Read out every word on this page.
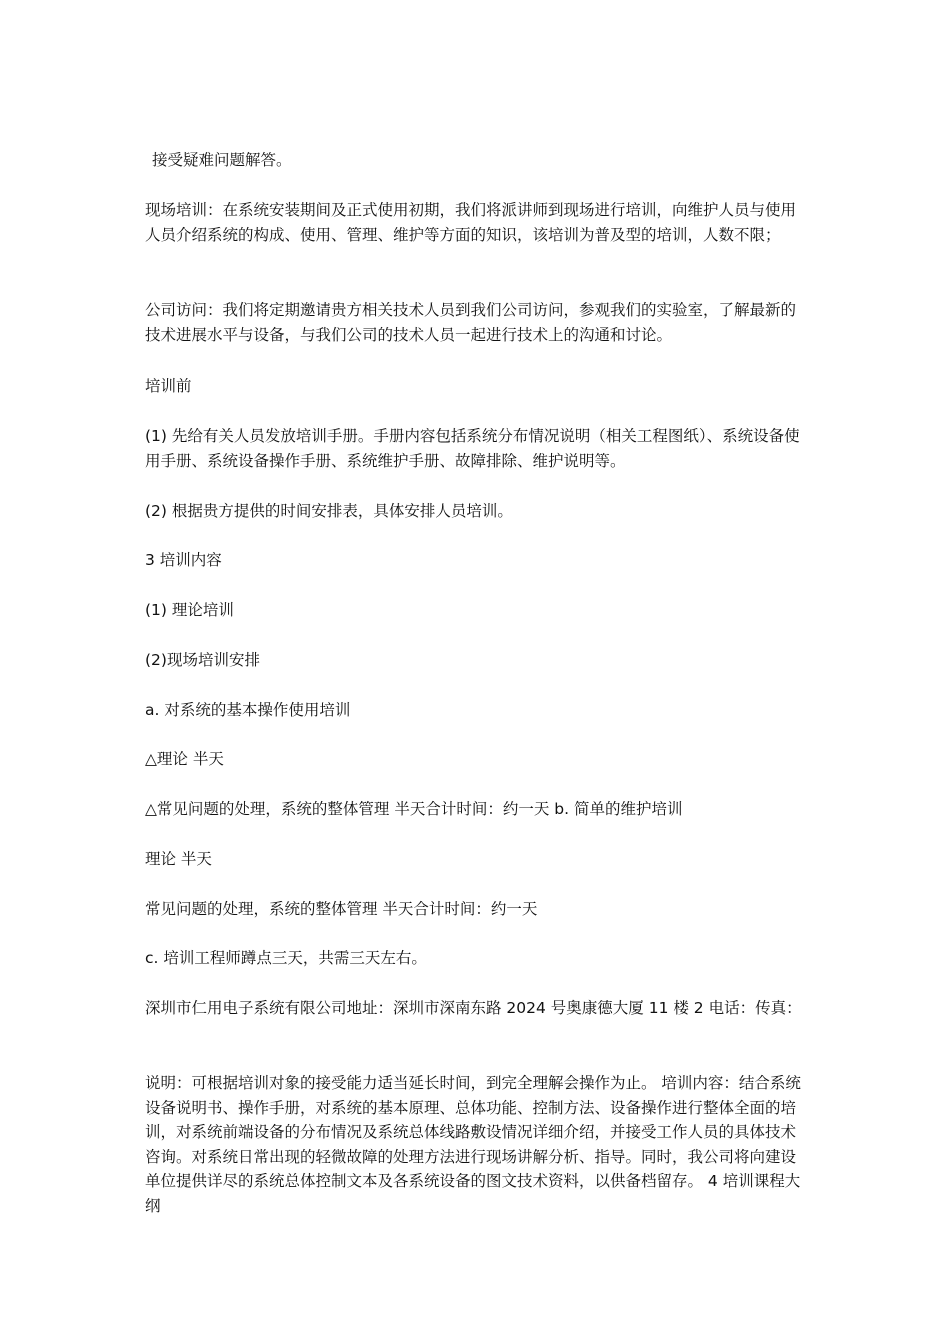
接受疑难问题解答。

现场培训：在系统安装期间及正式使用初期，我们将派讲师到现场进行培训，向维护人员与使用人员介绍系统的构成、使用、管理、维护等方面的知识，该培训为普及型的培训，人数不限；

公司访问：我们将定期邀请贵方相关技术人员到我们公司访问，参观我们的实验室，了解最新的技术进展水平与设备，与我们公司的技术人员一起进行技术上的沟通和讨论。

培训前

(1) 先给有关人员发放培训手册。手册内容包括系统分布情况说明（相关工程图纸）、系统设备使用手册、系统设备操作手册、系统维护手册、故障排除、维护说明等。

(2) 根据贵方提供的时间安排表，具体安排人员培训。

3 培训内容

(1) 理论培训

(2)现场培训安排

a. 对系统的基本操作使用培训

△理论 半天

△常见问题的处理，系统的整体管理 半天合计时间：约一天 b. 简单的维护培训

理论 半天

常见问题的处理，系统的整体管理 半天合计时间：约一天

c. 培训工程师蹲点三天，共需三天左右。

深圳市仁用电子系统有限公司地址：深圳市深南东路 2024 号奥康德大厦 11 楼 2 电话：传真：

说明：可根据培训对象的接受能力适当延长时间，到完全理解会操作为止。 培训内容：结合系统设备说明书、操作手册，对系统的基本原理、总体功能、控制方法、设备操作进行整体全面的培训，对系统前端设备的分布情况及系统总体线路敷设情况详细介绍，并接受工作人员的具体技术咨询。对系统日常出现的轻微故障的处理方法进行现场讲解分析、指导。同时，我公司将向建设单位提供详尽的系统总体控制文本及各系统设备的图文技术资料，以供备档留存。 4 培训课程大纲
